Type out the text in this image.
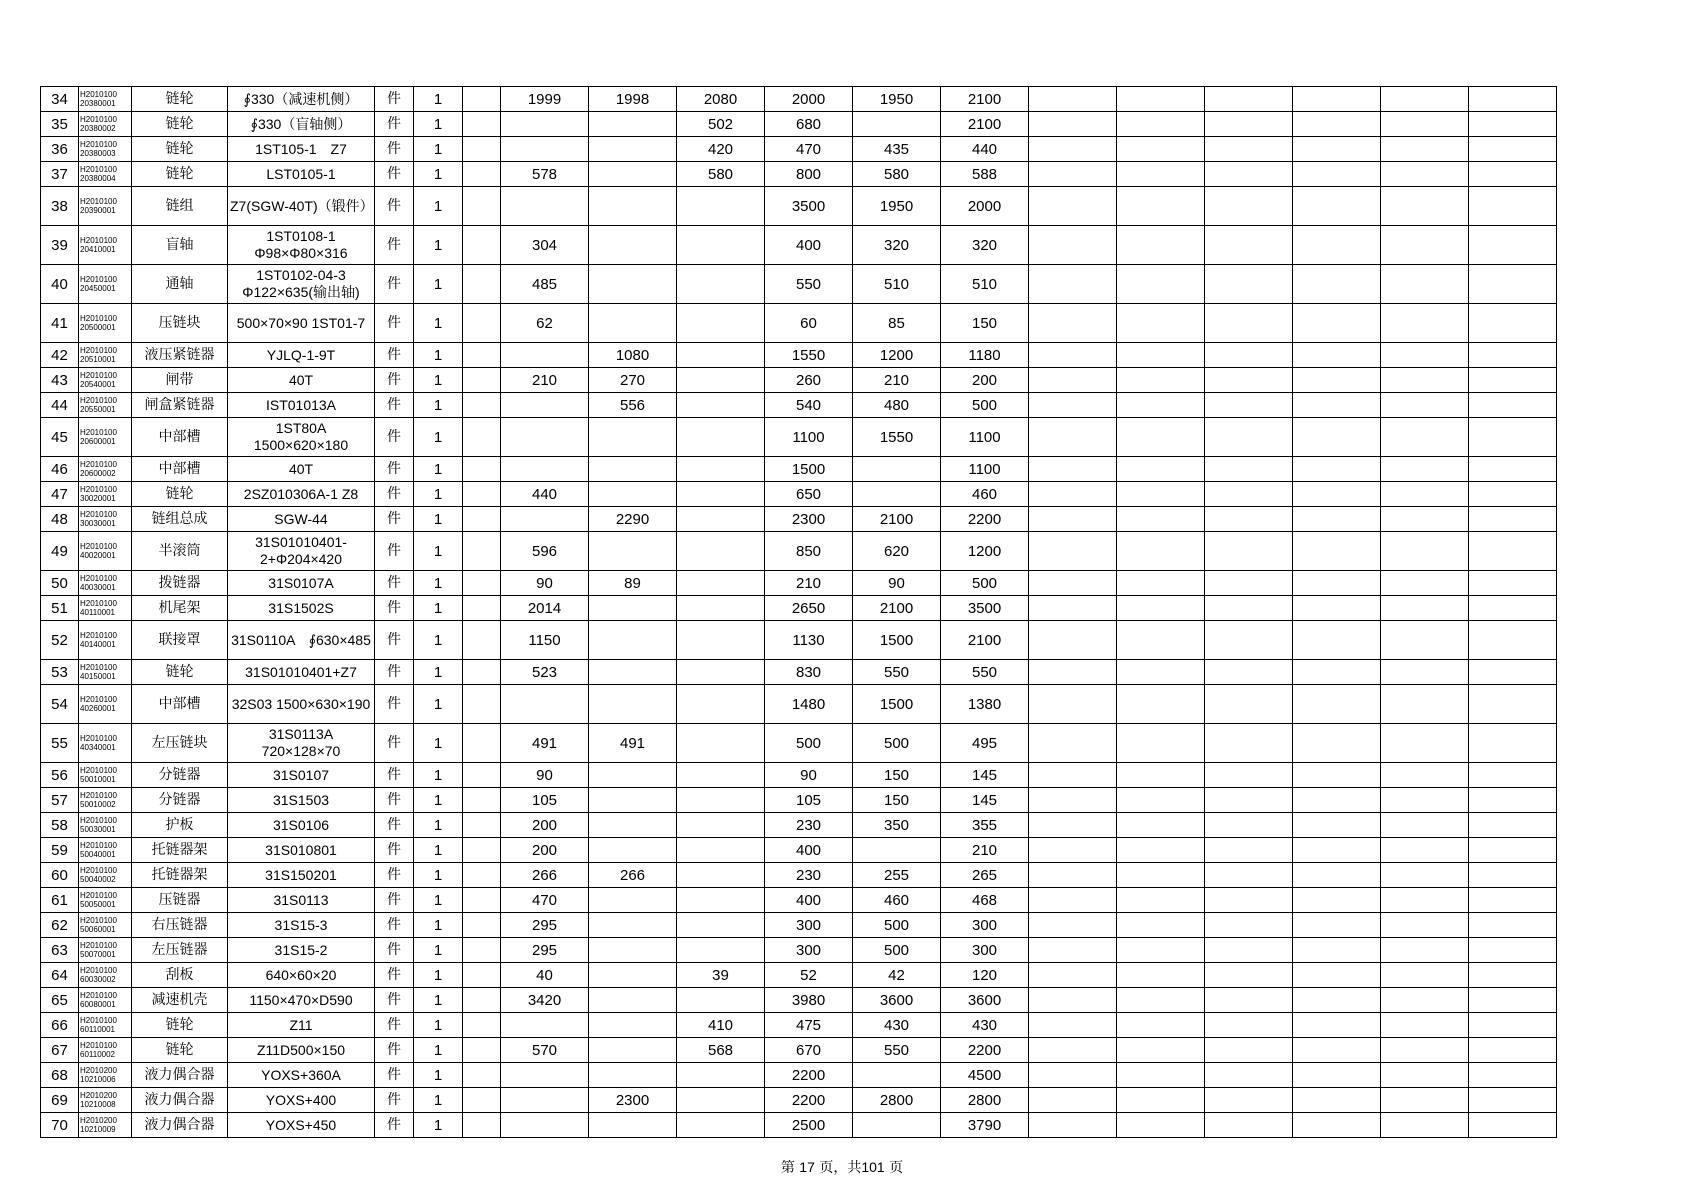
34	H2010100 20380001	链轮	∮330（减速机侧）	件	1		1999	1998	2080	2000	1950	2100						
35	H2010100 20380002	链轮	∮330（盲轴侧）	件	1				502	680		2100						
36	H2010100 20380003	链轮	1ST105-1　Z7	件	1				420	470	435	440						
37	H2010100 20380004	链轮	LST0105-1	件	1		578		580	800	580	588						
38	H2010100 20390001	链组	Z7(SGW-40T)（锻件）	件	1					3500	1950	2000						
39	H2010100 20410001	盲轴	1ST0108-1　Φ98×Φ80×316	件	1		304			400	320	320						
40	H2010100 20450001	通轴	1ST0102-04-3 Φ122×635(输出轴)	件	1		485			550	510	510						
41	H2010100 20500001	压链块	500×70×90 1ST01-7	件	1		62			60	85	150						
42	H2010100 20510001	液压紧链器	YJLQ-1-9T	件	1			1080		1550	1200	1180						
43	H2010100 20540001	闸带	40T	件	1		210	270		260	210	200						
44	H2010100 20550001	闸盒紧链器	IST01013A	件	1			556		540	480	500						
45	H2010100 20600001	中部槽	1ST80A 1500×620×180	件	1					1100	1550	1100						
46	H2010100 20600002	中部槽	40T	件	1					1500		1100						
47	H2010100 30020001	链轮	2SZ010306A-1 Z8	件	1		440			650		460						
48	H2010100 30030001	链组总成	SGW-44	件	1			2290		2300	2100	2200						
49	H2010100 40020001	半滚筒	31S01010401-2+Φ204×420	件	1		596			850	620	1200						
50	H2010100 40030001	拨链器	31S0107A	件	1		90	89		210	90	500						
51	H2010100 40110001	机尾架	31S1502S	件	1		2014			2650	2100	3500						
52	H2010100 40140001	联接罩	31S0110A　∮630×485	件	1		1150			1130	1500	2100						
53	H2010100 40150001	链轮	31S01010401+Z7	件	1		523			830	550	550						
54	H2010100 40260001	中部槽	32S03 1500×630×190	件	1					1480	1500	1380						
55	H2010100 40340001	左压链块	31S0113A 720×128×70	件	1		491	491		500	500	495						
56	H2010100 50010001	分链器	31S0107	件	1		90			90	150	145						
57	H2010100 50010002	分链器	31S1503	件	1		105			105	150	145						
58	H2010100 50030001	护板	31S0106	件	1		200			230	350	355						
59	H2010100 50040001	托链器架	31S010801	件	1		200			400		210						
60	H2010100 50040002	托链器架	31S150201	件	1		266	266		230	255	265						
61	H2010100 50050001	压链器	31S0113	件	1		470			400	460	468						
62	H2010100 50060001	右压链器	31S15-3	件	1		295			300	500	300						
63	H2010100 50070001	左压链器	31S15-2	件	1		295			300	500	300						
64	H2010100 60030002	刮板	640×60×20	件	1		40		39	52	42	120						
65	H2010100 60080001	减速机壳	1150×470×D590	件	1		3420			3980	3600	3600						
66	H2010100 60110001	链轮	Z11	件	1				410	475	430	430						
67	H2010100 60110002	链轮	Z11D500×150	件	1		570		568	670	550	2200						
68	H2010200 10210006	液力偶合器	YOXS+360A	件	1					2200		4500						
69	H2010200 10210008	液力偶合器	YOXS+400	件	1			2300		2200	2800	2800						
70	H2010200 10210009	液力偶合器	YOXS+450	件	1					2500		3790						
第 17 页，共101 页
